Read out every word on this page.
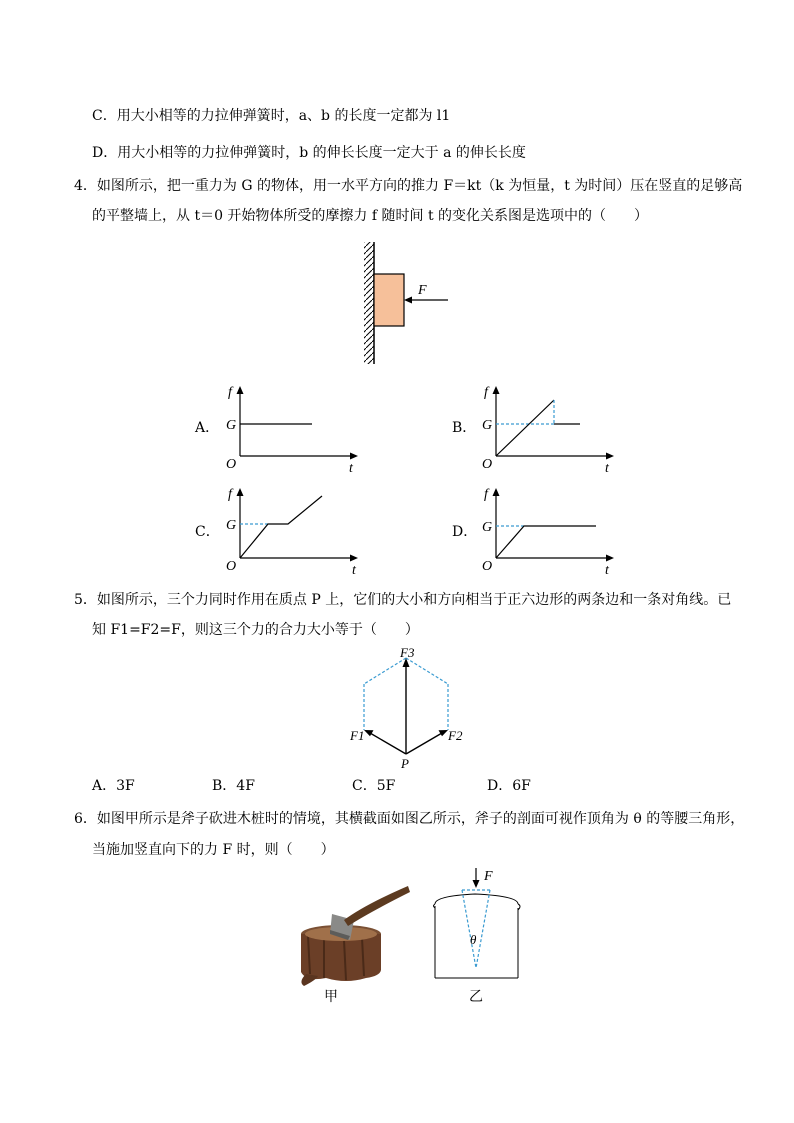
C．用大小相等的力拉伸弹簧时，a、b 的长度一定都为 l1
D．用大小相等的力拉伸弹簧时，b 的伸长长度一定大于 a 的伸长长度
4．如图所示，把一重力为 G 的物体，用一水平方向的推力 F＝kt（k 为恒量，t 为时间）压在竖直的足够高
的平整墙上，从 t＝0 开始物体所受的摩擦力 f 随时间 t 的变化关系图是选项中的（　　）
F
A．
f
G
O	t
B．
f
G
O	t
C．
f
G
O	t
D．
f
G
O	t
5．如图所示，三个力同时作用在质点 P 上，它们的大小和方向相当于正六边形的两条边和一条对角线。已
知 F1=F2=F，则这三个力的合力大小等于（　　）
F3
F1	F2
P
A．3F	B．4F	C．5F	D．6F
6．如图甲所示是斧子砍进木桩时的情境，其横截面如图乙所示，斧子的剖面可视作顶角为 θ 的等腰三角形，
当施加竖直向下的力 F 时，则（　　）
甲
F
θ
乙
